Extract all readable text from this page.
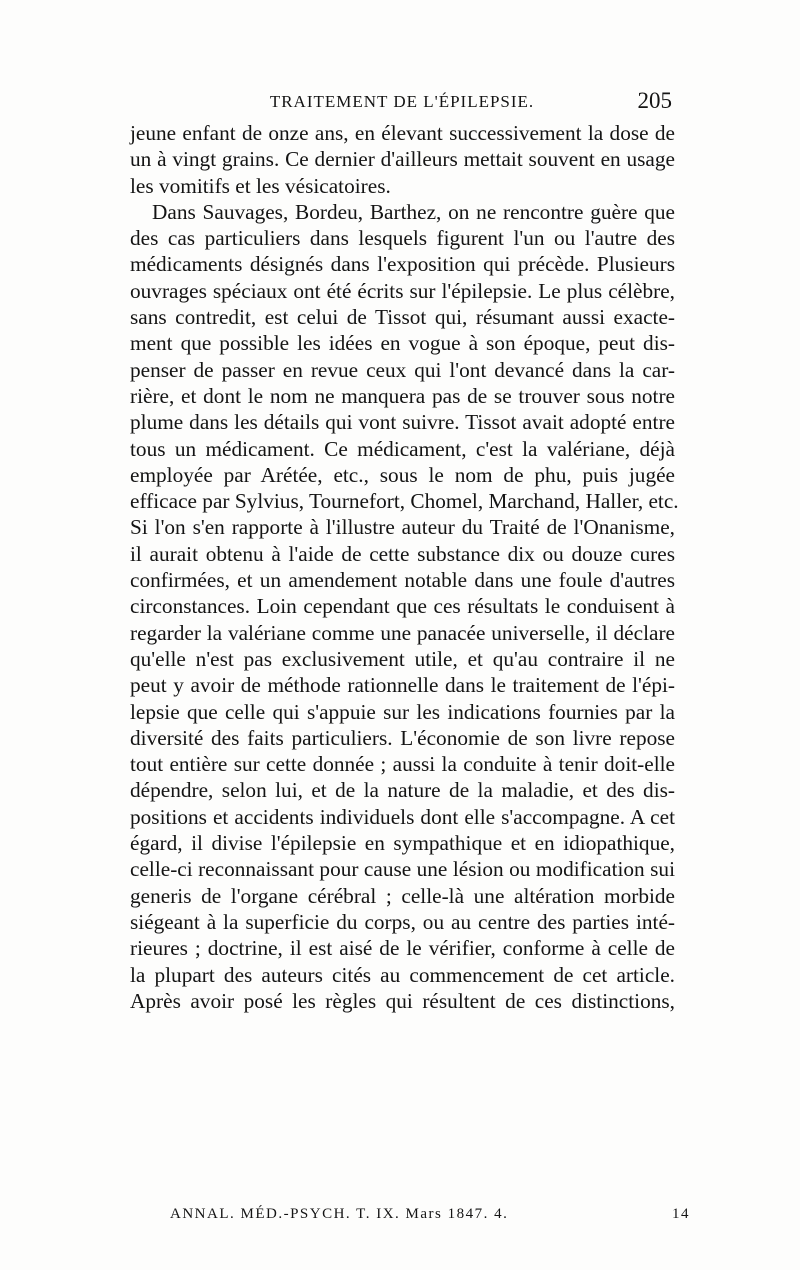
TRAITEMENT DE L'ÉPILEPSIE.	205
jeune enfant de onze ans, en élevant successivement la dose de
un à vingt grains. Ce dernier d'ailleurs mettait souvent en usage
les vomitifs et les vésicatoires.
Dans Sauvages, Bordeu, Barthez, on ne rencontre guère que
des cas particuliers dans lesquels figurent l'un ou l'autre des
médicaments désignés dans l'exposition qui précède. Plusieurs
ouvrages spéciaux ont été écrits sur l'épilepsie. Le plus célèbre,
sans contredit, est celui de Tissot qui, résumant aussi exacte-
ment que possible les idées en vogue à son époque, peut dis-
penser de passer en revue ceux qui l'ont devancé dans la car-
rière, et dont le nom ne manquera pas de se trouver sous notre
plume dans les détails qui vont suivre. Tissot avait adopté entre
tous un médicament. Ce médicament, c'est la valériane, déjà
employée par Arétée, etc., sous le nom de phu, puis jugée
efficace par Sylvius, Tournefort, Chomel, Marchand, Haller, etc.
Si l'on s'en rapporte à l'illustre auteur du Traité de l'Onanisme,
il aurait obtenu à l'aide de cette substance dix ou douze cures
confirmées, et un amendement notable dans une foule d'autres
circonstances. Loin cependant que ces résultats le conduisent à
regarder la valériane comme une panacée universelle, il déclare
qu'elle n'est pas exclusivement utile, et qu'au contraire il ne
peut y avoir de méthode rationnelle dans le traitement de l'épi-
lepsie que celle qui s'appuie sur les indications fournies par la
diversité des faits particuliers. L'économie de son livre repose
tout entière sur cette donnée ; aussi la conduite à tenir doit-elle
dépendre, selon lui, et de la nature de la maladie, et des dis-
positions et accidents individuels dont elle s'accompagne. A cet
égard, il divise l'épilepsie en sympathique et en idiopathique,
celle-ci reconnaissant pour cause une lésion ou modification sui
generis de l'organe cérébral ; celle-là une altération morbide
siégeant à la superficie du corps, ou au centre des parties inté-
rieures ; doctrine, il est aisé de le vérifier, conforme à celle de
la plupart des auteurs cités au commencement de cet article.
Après avoir posé les règles qui résultent de ces distinctions,
ANNAL. MÉD.-PSYCH. T. IX. Mars 1847. 4.	14
